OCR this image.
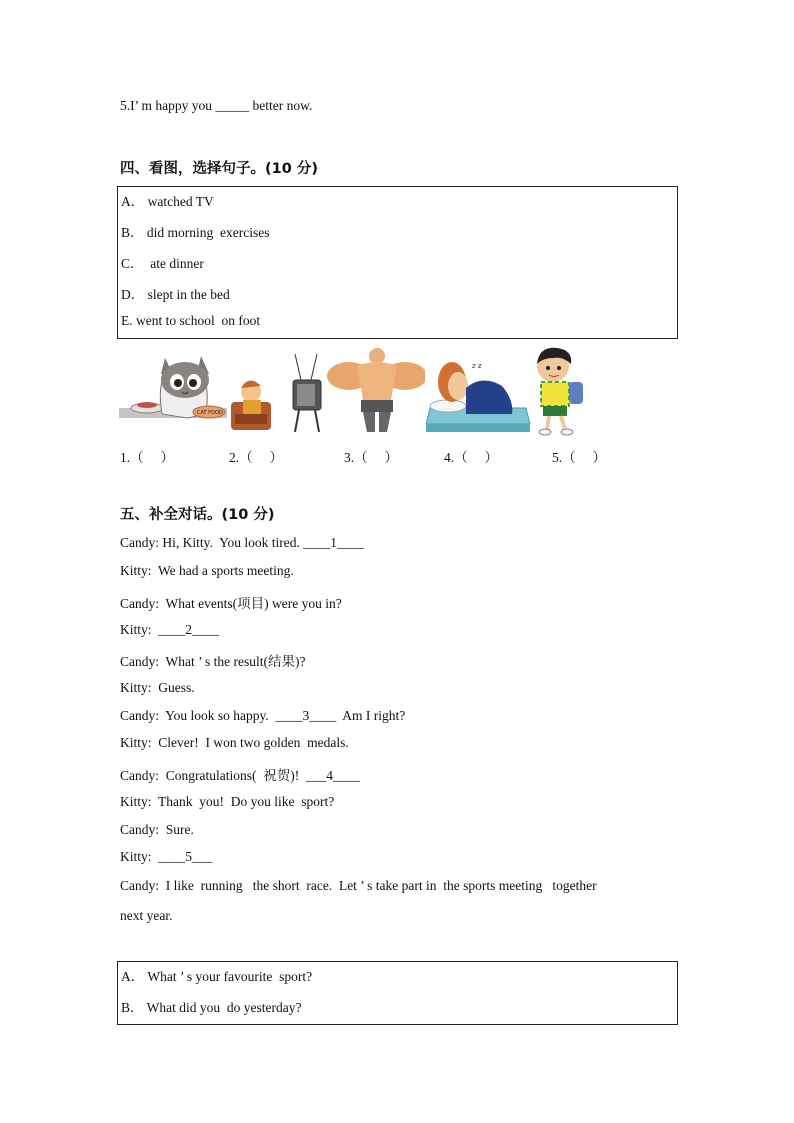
5.I’ m happy you _____ better now.
四、看图，选择句子。(10 分)
A． watched TV
B． did morning  exercises
C．  ate dinner
D． slept in the bed
E. went to school  on foot
CAT FOOD
z z
1.（     ）	2.（     ）	3.（     ）	4.（     ）	5.（     ）
五、补全对话。(10 分)
Candy: Hi, Kitty.  You look tired. ____1____
Kitty:  We had a sports meeting.
Candy:  What events(项目) were you in?
Kitty:  ____2____
Candy:  What ’ s the result(结果)?
Kitty:  Guess.
Candy:  You look so happy.  ____3____  Am I right?
Kitty:  Clever!  I won two golden  medals.
Candy:  Congratulations(  祝贺)!  ___4____
Kitty:  Thank  you!  Do you like  sport?
Candy:  Sure.
Kitty:  ____5___
Candy:  I like  running   the short  race.  Let ’ s take part in  the sports meeting   together
next year.
A． What ’ s your favourite  sport?
B． What did you  do yesterday?
